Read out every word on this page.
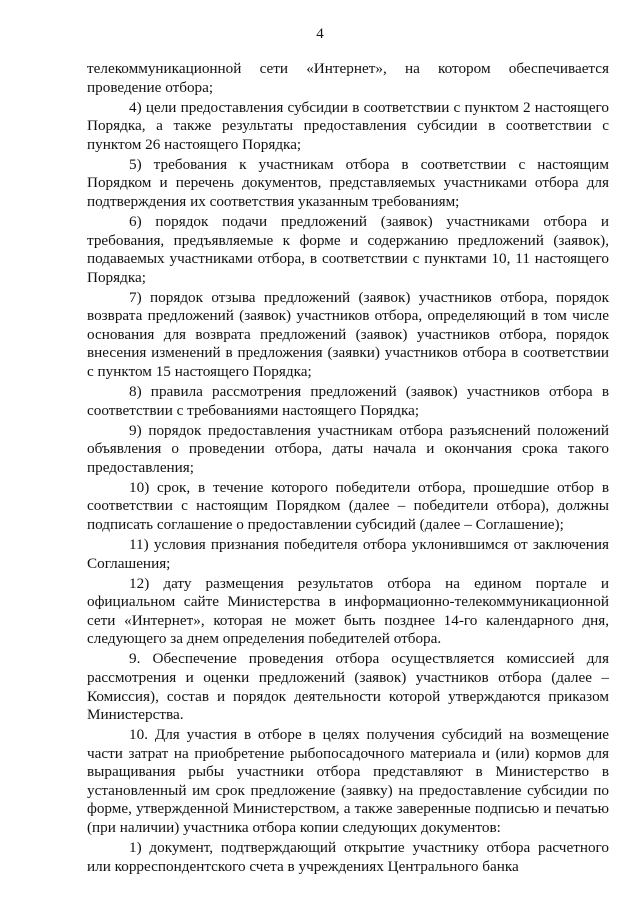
4

телекоммуникационной сети «Интернет», на котором обеспечивается проведение отбора;

4) цели предоставления субсидии в соответствии с пунктом 2 настоящего Порядка, а также результаты предоставления субсидии в соответствии с пунктом 26 настоящего Порядка;

5) требования к участникам отбора в соответствии с настоящим Порядком и перечень документов, представляемых участниками отбора для подтверждения их соответствия указанным требованиям;

6) порядок подачи предложений (заявок) участниками отбора и требования, предъявляемые к форме и содержанию предложений (заявок), подаваемых участниками отбора, в соответствии с пунктами 10, 11 настоящего Порядка;

7) порядок отзыва предложений (заявок) участников отбора, порядок возврата предложений (заявок) участников отбора, определяющий в том числе основания для возврата предложений (заявок) участников отбора, порядок внесения изменений в предложения (заявки) участников отбора в соответствии с пунктом 15 настоящего Порядка;

8) правила рассмотрения предложений (заявок) участников отбора в соответствии с требованиями настоящего Порядка;

9) порядок предоставления участникам отбора разъяснений положений объявления о проведении отбора, даты начала и окончания срока такого предоставления;

10) срок, в течение которого победители отбора, прошедшие отбор в соответствии с настоящим Порядком (далее – победители отбора), должны подписать соглашение о предоставлении субсидий (далее – Соглашение);

11) условия признания победителя отбора уклонившимся от заключения Соглашения;

12) дату размещения результатов отбора на едином портале и официальном сайте Министерства в информационно-телекоммуникационной сети «Интернет», которая не может быть позднее 14-го календарного дня, следующего за днем определения победителей отбора.

9. Обеспечение проведения отбора осуществляется комиссией для рассмотрения и оценки предложений (заявок) участников отбора (далее – Комиссия), состав и порядок деятельности которой утверждаются приказом Министерства.

10. Для участия в отборе в целях получения субсидий на возмещение части затрат на приобретение рыбопосадочного материала и (или) кормов для выращивания рыбы участники отбора представляют в Министерство в установленный им срок предложение (заявку) на предоставление субсидии по форме, утвержденной Министерством, а также заверенные подписью и печатью (при наличии) участника отбора копии следующих документов:

1) документ, подтверждающий открытие участнику отбора расчетного или корреспондентского счета в учреждениях Центрального банка
